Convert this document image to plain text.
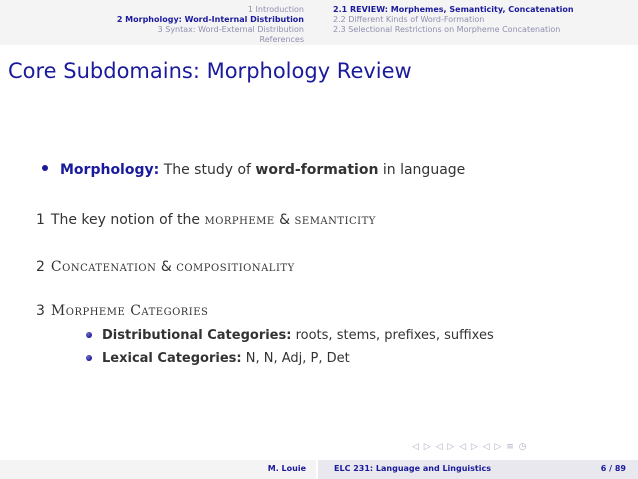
1 Introduction
2 Morphology: Word-Internal Distribution
3 Syntax: Word-External Distribution
References
2.1 REVIEW: Morphemes, Semanticity, Concatenation
2.2 Different Kinds of Word-Formation
2.3 Selectional Restrictions on Morpheme Concatenation
Core Subdomains: Morphology Review
Morphology: The study of word-formation in language
1 The key notion of the morpheme & semanticity
2 Concatenation & compositionality
3 Morpheme Categories
Distributional Categories: roots, stems, prefixes, suffixes
Lexical Categories: N, N, Adj, P, Det
◁ ▷ ◁ ▷ ◁ ▷ ◁ ▷ ≡ ◷
M. Louie	ELC 231: Language and Linguistics	6 / 89
